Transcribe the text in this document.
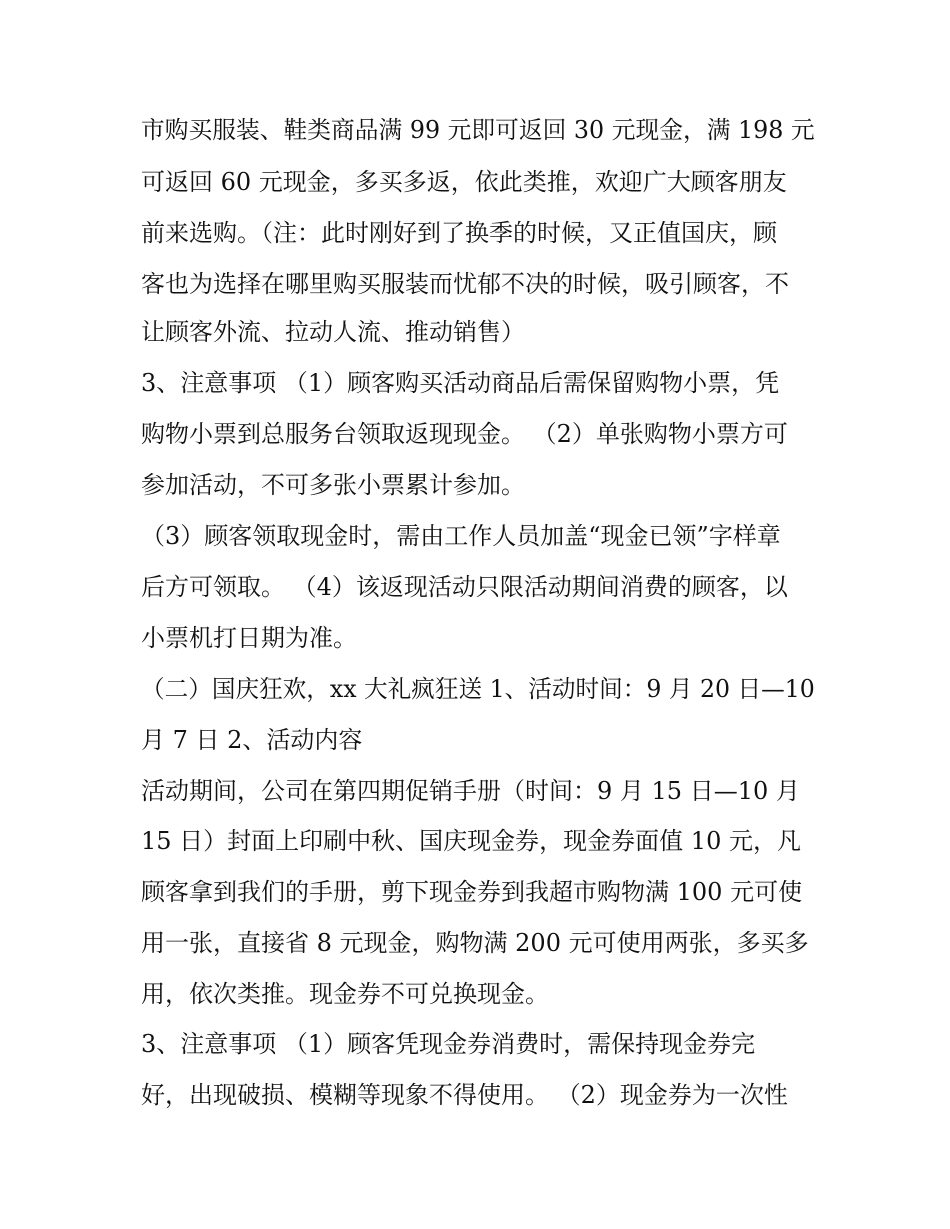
市购买服装、鞋类商品满 99 元即可返回 30 元现金，满 198 元
可返回 60 元现金，多买多返，依此类推，欢迎广大顾客朋友
前来选购。（注：此时刚好到了换季的时候，又正值国庆，顾
客也为选择在哪里购买服装而忧郁不决的时候，吸引顾客，不
让顾客外流、拉动人流、推动销售）
3、注意事项 （1）顾客购买活动商品后需保留购物小票，凭
购物小票到总服务台领取返现现金。 （2）单张购物小票方可
参加活动，不可多张小票累计参加。
（3）顾客领取现金时，需由工作人员加盖“现金已领”字样章
后方可领取。 （4）该返现活动只限活动期间消费的顾客，以
小票机打日期为准。
（二）国庆狂欢，xx 大礼疯狂送 1、活动时间：9 月 20 日—10
月 7 日 2、活动内容
活动期间，公司在第四期促销手册（时间：9 月 15 日—10 月
15 日）封面上印刷中秋、国庆现金券，现金券面值 10 元，凡
顾客拿到我们的手册，剪下现金券到我超市购物满 100 元可使
用一张，直接省 8 元现金，购物满 200 元可使用两张，多买多
用，依次类推。现金券不可兑换现金。
3、注意事项 （1）顾客凭现金券消费时，需保持现金券完
好，出现破损、模糊等现象不得使用。 （2）现金券为一次性
